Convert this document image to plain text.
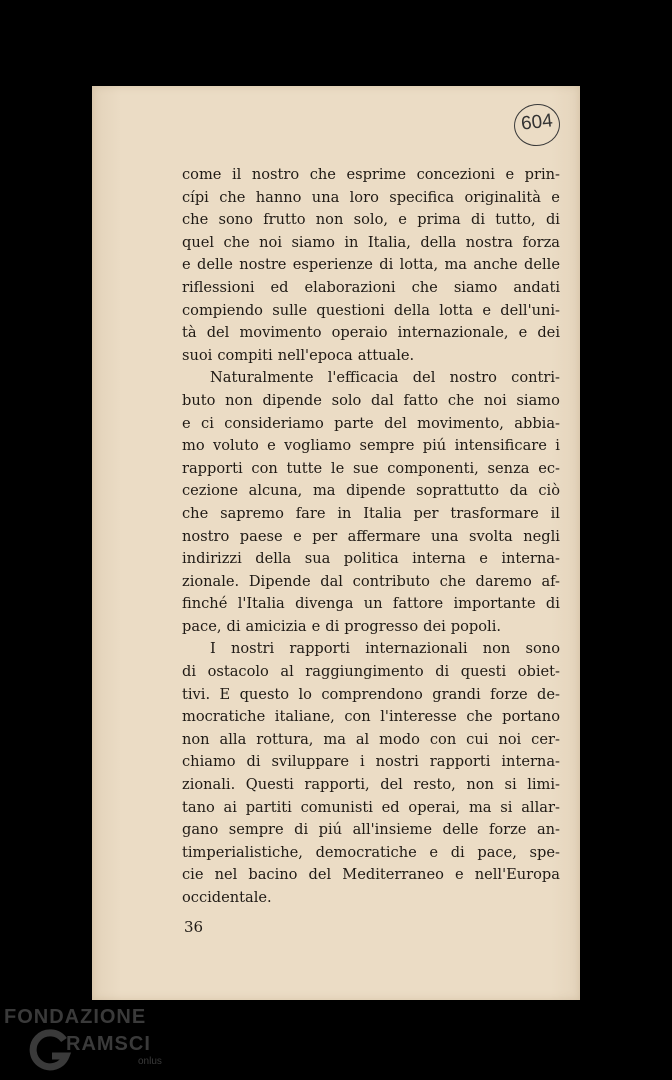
604
come il nostro che esprime concezioni e prin-
cípi che hanno una loro specifica originalità e
che sono frutto non solo, e prima di tutto, di
quel che noi siamo in Italia, della nostra forza
e delle nostre esperienze di lotta, ma anche delle
riflessioni ed elaborazioni che siamo andati
compiendo sulle questioni della lotta e dell'uni-
tà del movimento operaio internazionale, e dei
suoi compiti nell'epoca attuale.
Naturalmente l'efficacia del nostro contri-
buto non dipende solo dal fatto che noi siamo
e ci consideriamo parte del movimento, abbia-
mo voluto e vogliamo sempre piú intensificare i
rapporti con tutte le sue componenti, senza ec-
cezione alcuna, ma dipende soprattutto da ciò
che sapremo fare in Italia per trasformare il
nostro paese e per affermare una svolta negli
indirizzi della sua politica interna e interna-
zionale. Dipende dal contributo che daremo af-
finché l'Italia divenga un fattore importante di
pace, di amicizia e di progresso dei popoli.
I nostri rapporti internazionali non sono
di ostacolo al raggiungimento di questi obiet-
tivi. E questo lo comprendono grandi forze de-
mocratiche italiane, con l'interesse che portano
non alla rottura, ma al modo con cui noi cer-
chiamo di sviluppare i nostri rapporti interna-
zionali. Questi rapporti, del resto, non si limi-
tano ai partiti comunisti ed operai, ma si allar-
gano sempre di piú all'insieme delle forze an-
timperialistiche, democratiche e di pace, spe-
cie nel bacino del Mediterraneo e nell'Europa
occidentale.
36
FONDAZIONE
RAMSCI
onlus
